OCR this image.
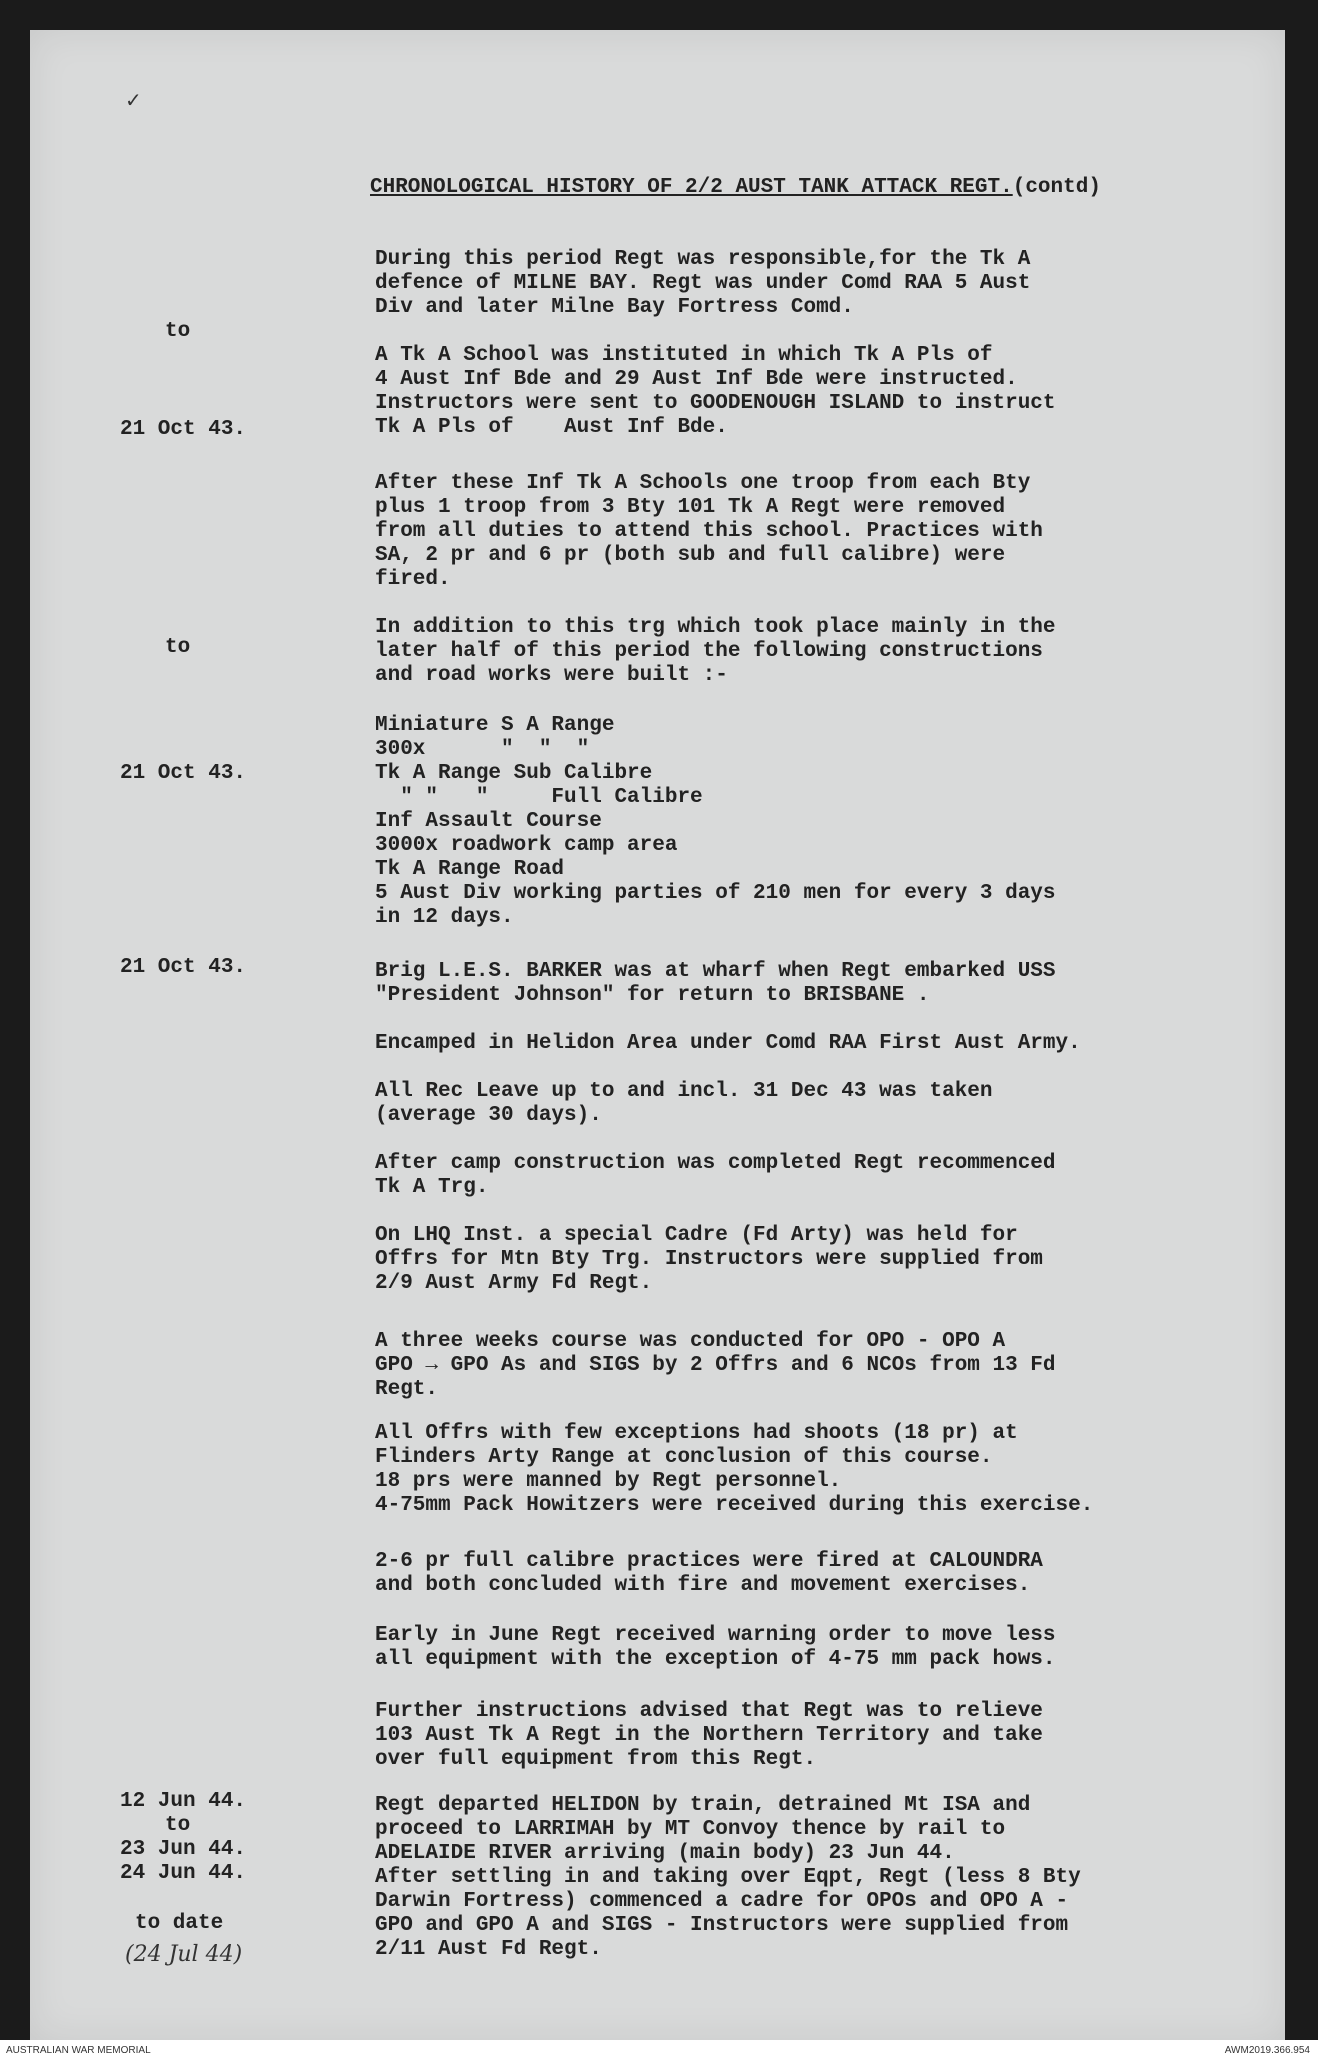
✓
CHRONOLOGICAL HISTORY OF 2/2 AUST TANK ATTACK REGT.(contd)
During this period Regt was responsible,for the Tk A
defence of MILNE BAY. Regt was under Comd RAA 5 Aust
Div and later Milne Bay Fortress Comd.
A Tk A School was instituted in which Tk A Pls of
4 Aust Inf Bde and 29 Aust Inf Bde were instructed.
Instructors were sent to GOODENOUGH ISLAND to instruct
Tk A Pls of    Aust Inf Bde.
After these Inf Tk A Schools one troop from each Bty
plus 1 troop from 3 Bty 101 Tk A Regt were removed
from all duties to attend this school. Practices with
SA, 2 pr and 6 pr (both sub and full calibre) were
fired.
In addition to this trg which took place mainly in the
later half of this period the following constructions
and road works were built :-
Miniature S A Range
300x      "  "  "
Tk A Range Sub Calibre
" "   "     Full Calibre
Inf Assault Course
3000x roadwork camp area
Tk A Range Road
5 Aust Div working parties of 210 men for every 3 days
in 12 days.
Brig L.E.S. BARKER was at wharf when Regt embarked USS
"President Johnson" for return to BRISBANE .
Encamped in Helidon Area under Comd RAA First Aust Army.
All Rec Leave up to and incl. 31 Dec 43 was taken
(average 30 days).
After camp construction was completed Regt recommenced
Tk A Trg.
On LHQ Inst. a special Cadre (Fd Arty) was held for
Offrs for Mtn Bty Trg. Instructors were supplied from
2/9 Aust Army Fd Regt.
A three weeks course was conducted for OPO - OPO A
GPO → GPO As and SIGS by 2 Offrs and 6 NCOs from 13 Fd
Regt.
All Offrs with few exceptions had shoots (18 pr) at
Flinders Arty Range at conclusion of this course.
18 prs were manned by Regt personnel.
4-75mm Pack Howitzers were received during this exercise.
2-6 pr full calibre practices were fired at CALOUNDRA
and both concluded with fire and movement exercises.
Early in June Regt received warning order to move less
all equipment with the exception of 4-75 mm pack hows.
Further instructions advised that Regt was to relieve
103 Aust Tk A Regt in the Northern Territory and take
over full equipment from this Regt.
Regt departed HELIDON by train, detrained Mt ISA and
proceed to LARRIMAH by MT Convoy thence by rail to
ADELAIDE RIVER arriving (main body) 23 Jun 44.
After settling in and taking over Eqpt, Regt (less 8 Bty
Darwin Fortress) commenced a cadre for OPOs and OPO A -
GPO and GPO A and SIGS - Instructors were supplied from
2/11 Aust Fd Regt.
to
21 Oct 43.
to
21 Oct 43.
21 Oct 43.
12 Jun 44.
to
23 Jun 44.
24 Jun 44.
to date
(24 Jul 44)
AUSTRALIAN WAR MEMORIAL	AWM2019.366.954
